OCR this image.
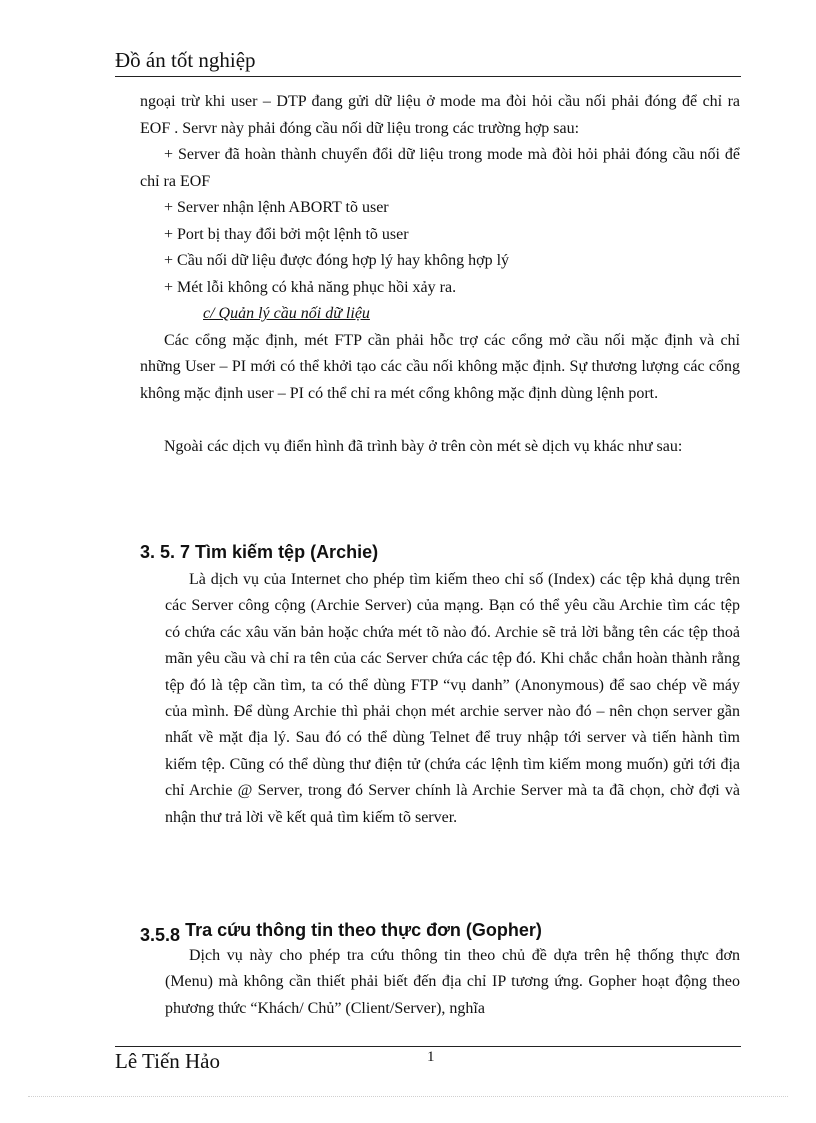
Đồ án tốt nghiệp

ngoại trừ khi user – DTP đang gửi dữ liệu ở mode ma đòi hỏi cầu nối phải đóng để chỉ ra EOF . Servr này phải đóng cầu nối dữ liệu trong các trường hợp sau:

+ Server đã hoàn thành chuyển đổi dữ liệu trong mode mà đòi hỏi phải đóng cầu nối để chỉ ra EOF

+ Server nhận lệnh ABORT tõ user

+ Port bị thay đổi bởi một lệnh tõ user

+ Cầu nối dữ liệu được đóng hợp lý hay không hợp lý

+ Mét lỗi không có khả năng phục hồi xảy ra.

c/ Quản lý cầu nối dữ liệu

Các cổng mặc định, mét FTP cần phải hỗc trợ các cổng mở cầu nối mặc định và chỉ những User – PI mới có thể khởi tạo các cầu nối không mặc định. Sự thương lượng các cổng không mặc định user – PI có thể chỉ ra mét cổng không mặc định dùng lệnh port.

Ngoài các dịch vụ điển hình đã trình bày ở trên còn mét sè dịch vụ khác như sau:

3. 5. 7 Tìm kiếm tệp (Archie)

Là dịch vụ của Internet cho phép tìm kiếm theo chỉ số (Index) các tệp khả dụng trên các Server công cộng (Archie Server) của mạng. Bạn có thể yêu cầu Archie tìm các tệp có chứa các xâu văn bản hoặc chứa mét tõ nào đó. Archie sẽ trả lời bằng tên các tệp thoả mãn yêu cầu và chỉ ra tên của các Server chứa các tệp đó. Khi chắc chắn hoàn thành rằng tệp đó là tệp cần tìm, ta có thể dùng FTP “vụ danh” (Anonymous) để sao chép về máy của mình. Để dùng Archie thì phải chọn mét archie server nào đó – nên chọn server gần nhất về mặt địa lý. Sau đó có thể dùng Telnet để truy nhập tới server và tiến hành tìm kiếm tệp. Cũng có thể dùng thư điện tử (chứa các lệnh tìm kiếm mong muốn) gửi tới địa chỉ Archie @ Server, trong đó Server chính là Archie Server mà ta đã chọn, chờ đợi và nhận thư trả lời về kết quả tìm kiếm tõ server.

3.5.8 Tra cứu thông tin theo thực đơn (Gopher)

Dịch vụ này cho phép tra cứu thông tin theo chủ đề dựa trên hệ thống thực đơn (Menu) mà không cần thiết phải biết đến địa chỉ IP tương ứng. Gopher hoạt động theo phương thức “Khách/ Chủ” (Client/Server), nghĩa

Lê Tiến Hảo	1
